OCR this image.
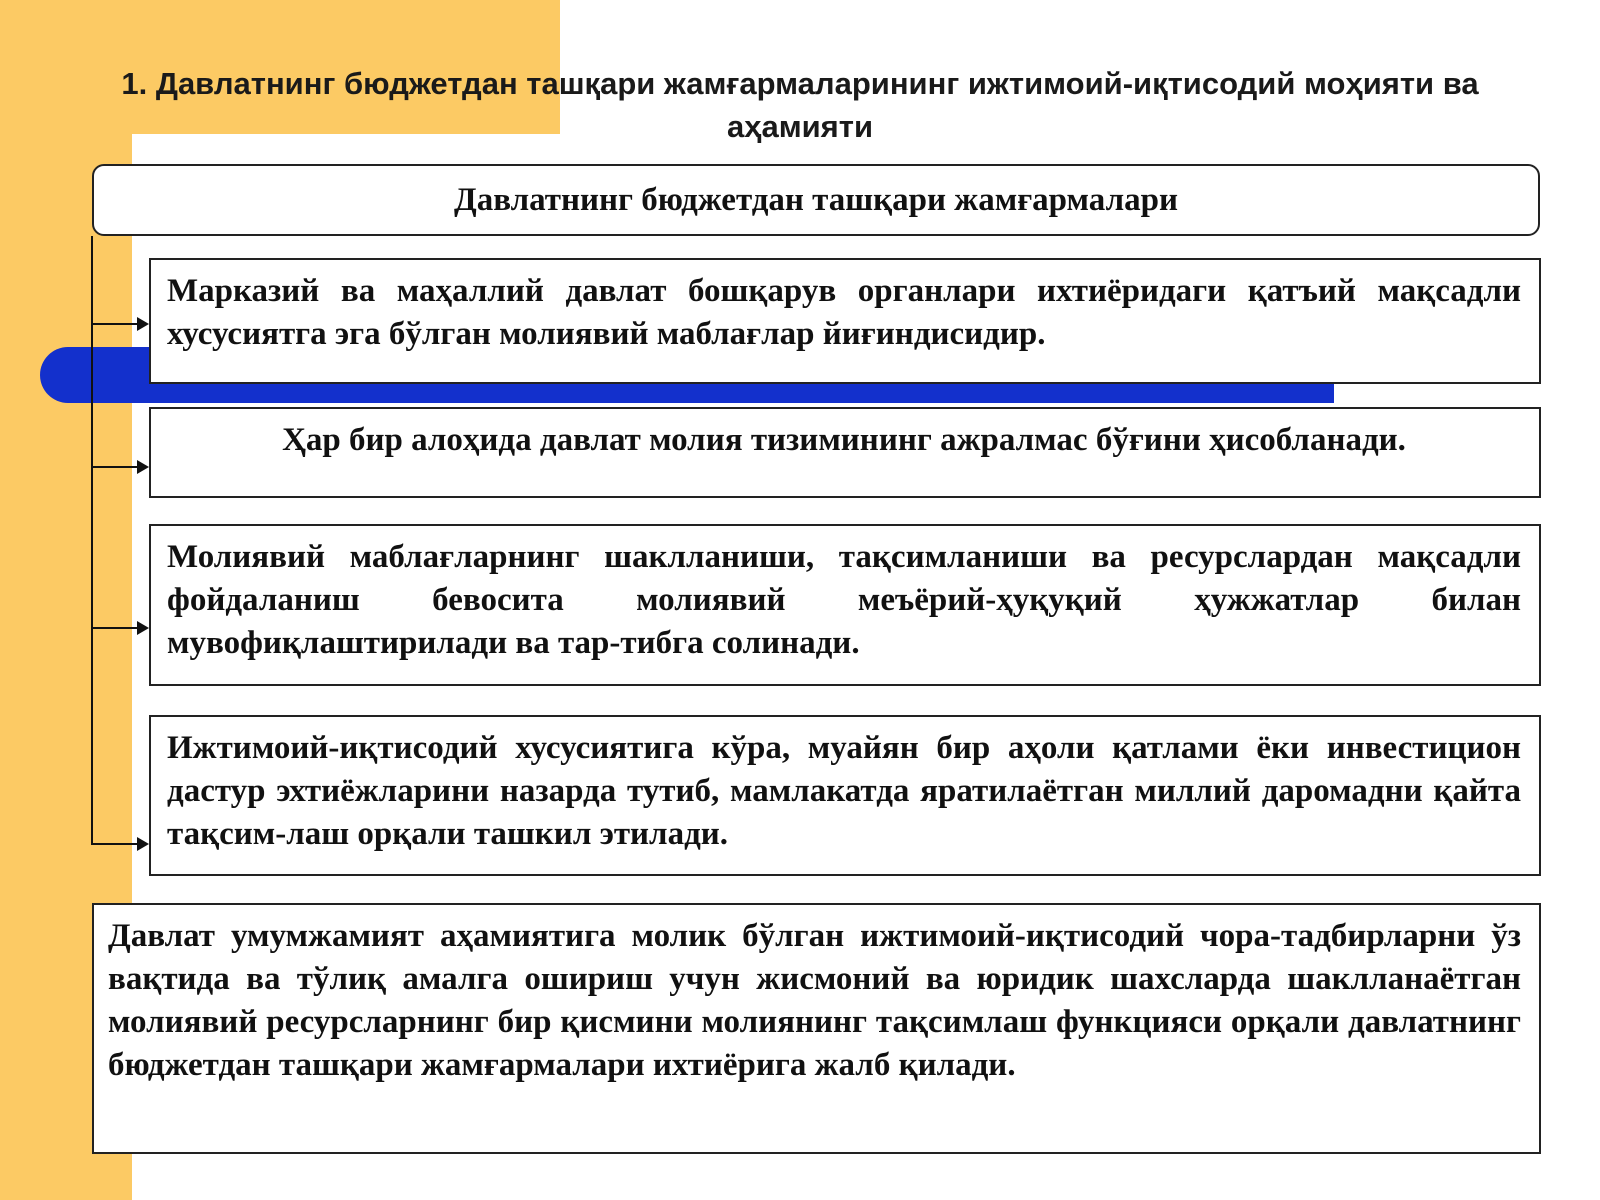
1. Давлатнинг бюджетдан ташқари жамғармаларининг ижтимоий-иқтисодий моҳияти ва аҳамияти
Давлатнинг бюджетдан ташқари жамғармалари
Марказий ва маҳаллий давлат бошқарув органлари ихтиёридаги қатъий мақсадли хусусиятга эга бўлган молиявий маблағлар йиғиндисидир.
Ҳар бир алоҳида давлат молия тизимининг ажралмас бўғини ҳисобланади.
Молиявий маблағларнинг шаклланиши, тақсимланиши ва ресурслардан мақсадли фойдаланиш бевосита молиявий меъёрий-ҳуқуқий ҳужжатлар билан мувофиқлаштирилади ва тар-тибга солинади.
Ижтимоий-иқтисодий хусусиятига кўра, муайян бир аҳоли қатлами ёки инвестицион дастур эхтиёжларини назарда тутиб, мамлакатда яратилаётган миллий даромадни қайта тақсим-лаш орқали ташкил этилади.
Давлат умумжамият аҳамиятига молик бўлган ижтимоий-иқтисодий чора-тадбирларни ўз вақтида ва тўлиқ амалга ошириш учун жисмоний ва юридик шахсларда шаклланаётган молиявий ресурсларнинг бир қисмини молиянинг тақсимлаш функцияси орқали давлатнинг бюджетдан ташқари жамғармалари ихтиёрига жалб қилади.
